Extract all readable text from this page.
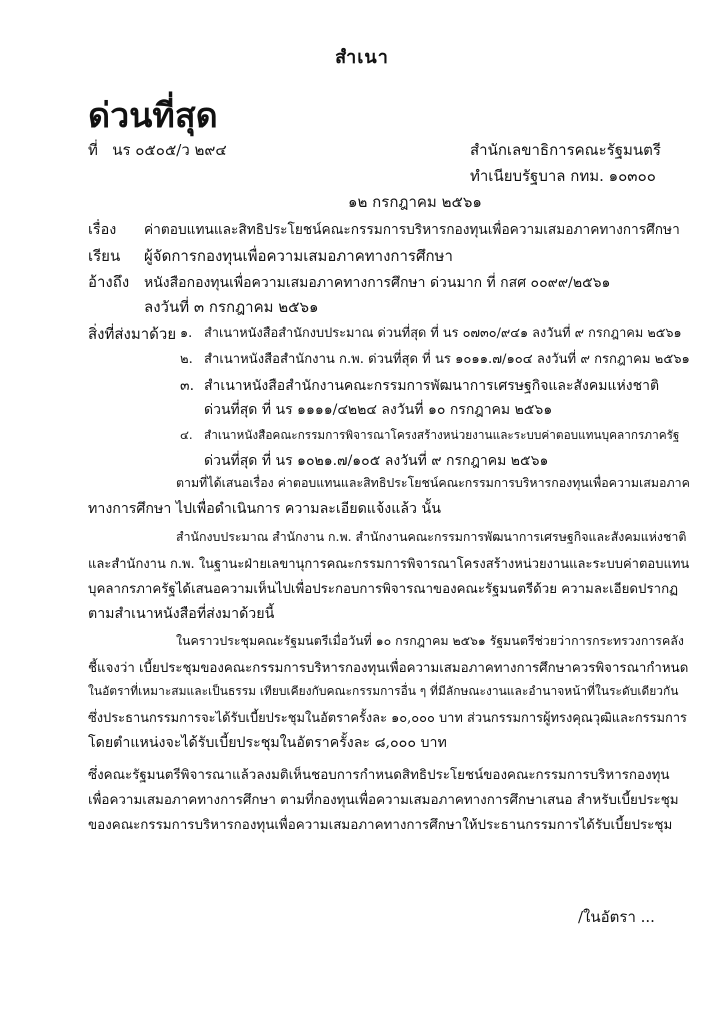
สำเนา
ด่วนที่สุด
ที่ นร ๐๕๐๕/ว ๒๙๔	สำนักเลขาธิการคณะรัฐมนตรี
ทำเนียบรัฐบาล กทม. ๑๐๓๐๐
๑๒ กรกฎาคม ๒๕๖๑
เรื่อง ค่าตอบแทนและสิทธิประโยชน์คณะกรรมการบริหารกองทุนเพื่อความเสมอภาคทางการศึกษา
เรียน ผู้จัดการกองทุนเพื่อความเสมอภาคทางการศึกษา
อ้างถึง หนังสือกองทุนเพื่อความเสมอภาคทางการศึกษา ด่วนมาก ที่ กสศ ๐๐๙๙/๒๕๖๑
ลงวันที่ ๓ กรกฎาคม ๒๕๖๑
สิ่งที่ส่งมาด้วย ๑. สำเนาหนังสือสำนักงบประมาณ ด่วนที่สุด ที่ นร ๐๗๓๐/๙๔๑ ลงวันที่ ๙ กรกฎาคม ๒๕๖๑
๒. สำเนาหนังสือสำนักงาน ก.พ. ด่วนที่สุด ที่ นร ๑๐๑๑.๗/๑๐๔ ลงวันที่ ๙ กรกฎาคม ๒๕๖๑
๓. สำเนาหนังสือสำนักงานคณะกรรมการพัฒนาการเศรษฐกิจและสังคมแห่งชาติ
ด่วนที่สุด ที่ นร ๑๑๑๑/๔๒๒๔ ลงวันที่ ๑๐ กรกฎาคม ๒๕๖๑
๔. สำเนาหนังสือคณะกรรมการพิจารณาโครงสร้างหน่วยงานและระบบค่าตอบแทนบุคลากรภาครัฐ
ด่วนที่สุด ที่ นร ๑๐๒๑.๗/๑๐๕ ลงวันที่ ๙ กรกฎาคม ๒๕๖๑
ตามที่ได้เสนอเรื่อง ค่าตอบแทนและสิทธิประโยชน์คณะกรรมการบริหารกองทุนเพื่อความเสมอภาค
ทางการศึกษา ไปเพื่อดำเนินการ ความละเอียดแจ้งแล้ว นั้น
สำนักงบประมาณ สำนักงาน ก.พ. สำนักงานคณะกรรมการพัฒนาการเศรษฐกิจและสังคมแห่งชาติ
และสำนักงาน ก.พ. ในฐานะฝ่ายเลขานุการคณะกรรมการพิจารณาโครงสร้างหน่วยงานและระบบค่าตอบแทน
บุคลากรภาครัฐได้เสนอความเห็นไปเพื่อประกอบการพิจารณาของคณะรัฐมนตรีด้วย ความละเอียดปรากฏ
ตามสำเนาหนังสือที่ส่งมาด้วยนี้
ในคราวประชุมคณะรัฐมนตรีเมื่อวันที่ ๑๐ กรกฎาคม ๒๕๖๑ รัฐมนตรีช่วยว่าการกระทรวงการคลัง
ชี้แจงว่า เบี้ยประชุมของคณะกรรมการบริหารกองทุนเพื่อความเสมอภาคทางการศึกษาควรพิจารณากำหนด
ในอัตราที่เหมาะสมและเป็นธรรม เทียบเคียงกับคณะกรรมการอื่น ๆ ที่มีลักษณะงานและอำนาจหน้าที่ในระดับเดียวกัน
ซึ่งประธานกรรมการจะได้รับเบี้ยประชุมในอัตราครั้งละ ๑๐,๐๐๐ บาท ส่วนกรรมการผู้ทรงคุณวุฒิและกรรมการ
โดยตำแหน่งจะได้รับเบี้ยประชุมในอัตราครั้งละ ๘,๐๐๐ บาท
ซึ่งคณะรัฐมนตรีพิจารณาแล้วลงมติเห็นชอบการกำหนดสิทธิประโยชน์ของคณะกรรมการบริหารกองทุน
เพื่อความเสมอภาคทางการศึกษา ตามที่กองทุนเพื่อความเสมอภาคทางการศึกษาเสนอ สำหรับเบี้ยประชุม
ของคณะกรรมการบริหารกองทุนเพื่อความเสมอภาคทางการศึกษาให้ประธานกรรมการได้รับเบี้ยประชุม
/ในอัตรา ...
